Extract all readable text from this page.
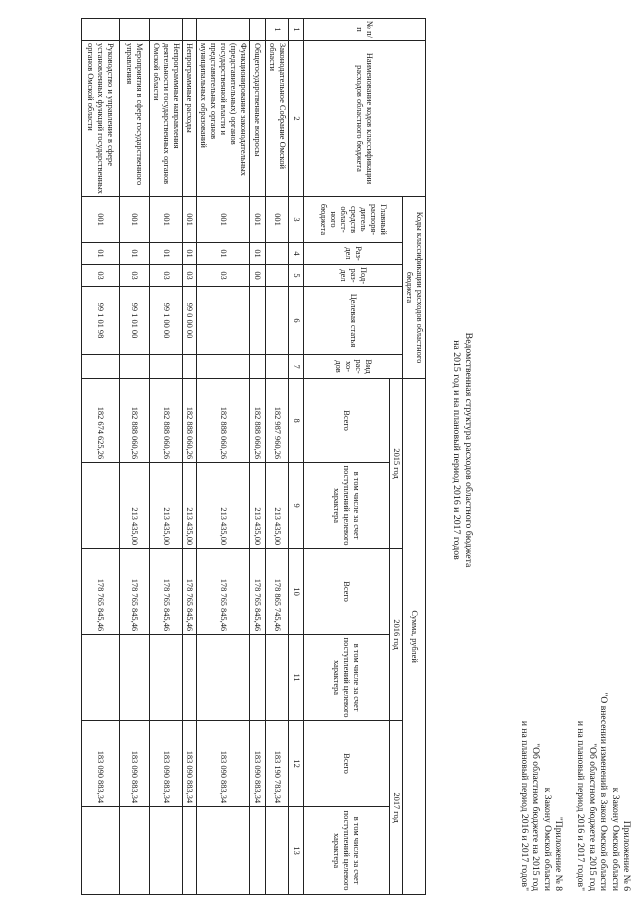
Приложение № 6
к Закону Омской области
"О внесении изменений в Закон Омской области
"Об областном бюджете на 2015 год
и на плановый период 2016 и 2017 годов"
"Приложение № 8
к Закону Омской области
"Об областном бюджете на 2015 год
и на плановый период 2016 и 2017 годов"
Ведомственная структура расходов областного бюджета
на 2015 год и на плановый период 2016 и 2017 годов
№ п/п	Наименование кодов классификации расходов областного бюджета	Коды классификации расходов областного бюджета					Сумма, рублей					
		Главный распоря-дитель средств област-ного бюджета	Раз-дел	Под-раз-дел	Целевая статья	Вид рас-хо-дов	2015 год		2016 год		2017 год	
							Всего	в том числе за счет поступлений целевого характера	Всего	в том числе за счет поступлений целевого характера	Всего	в том числе за счет поступлений целевого характера
1	2	3	4	5	6	7	8	9	10	11	12	13
1	Законодательное Собрание Омской области	001					182 987 960,26	213 435,00	178 865 745,46		183 190 783,34	
	Общегосударственные вопросы	001	01	00			182 888 060,26	213 435,00	178 765 845,46		183 090 883,34	
	Функционирование законодательных (представительных) органов государственной власти и представительных органов муниципальных образований	001	01	03			182 888 060,26	213 435,00	178 765 845,46		183 090 883,34	
	Непрограммные расходы	001	01	03	99 0 00 00		182 888 060,26	213 435,00	178 765 845,46		183 090 883,34	
	Непрограммные направления деятельности государственных органов Омской области	001	01	03	99 1 00 00		182 888 060,26	213 435,00	178 765 845,46		183 090 883,34	
	Мероприятия в сфере государственного управления	001	01	03	99 1 01 00		182 888 060,26	213 435,00	178 765 845,46		183 090 883,34	
	Руководство и управление в сфере установленных функций государственных органов Омской области	001	01	03	99 1 01 98		182 674 625,26		178 765 845,46		183 090 883,34	
